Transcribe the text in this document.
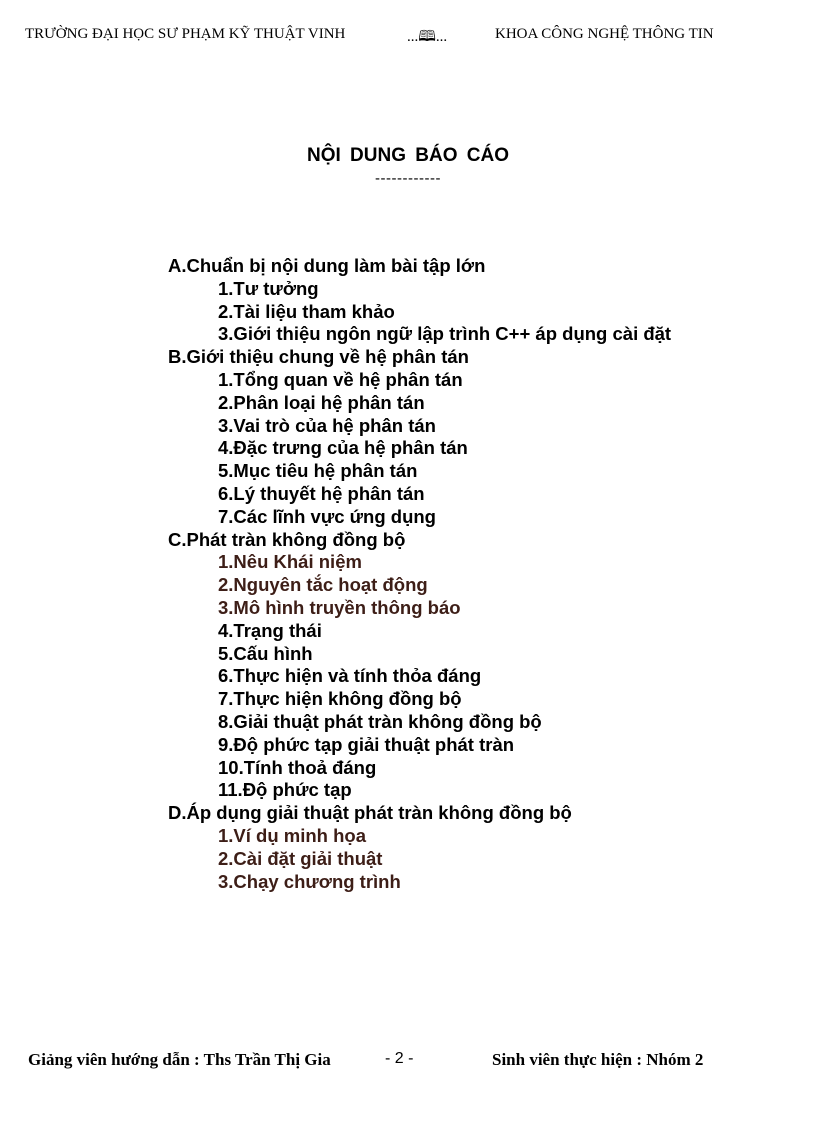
TRƯỜNG ĐẠI HỌC SƯ PHẠM KỸ THUẬT VINH	...🕮...	KHOA CÔNG NGHỆ THÔNG TIN
NỘI DUNG BÁO CÁO
------------
A.Chuẩn bị nội dung làm bài tập lớn
1.Tư tưởng
2.Tài liệu tham khảo
3.Giới thiệu ngôn ngữ lập trình C++ áp dụng cài đặt
B.Giới thiệu chung về hệ phân tán
1.Tổng quan về hệ phân tán
2.Phân loại hệ phân tán
3.Vai trò của hệ phân tán
4.Đặc trưng của hệ phân tán
5.Mục tiêu hệ phân tán
6.Lý thuyết hệ phân tán
7.Các lĩnh vực ứng dụng
C.Phát tràn không đồng bộ
1.Nêu Khái niệm
2.Nguyên tắc hoạt động
3.Mô hình truyền thông báo
4.Trạng thái
5.Cấu hình
6.Thực hiện và tính thỏa đáng
7.Thực hiện không đồng bộ
8.Giải thuật phát tràn không đồng bộ
9.Độ phức tạp giải thuật phát tràn
10.Tính thoả đáng
11.Độ phức tạp
D.Áp dụng giải thuật phát tràn không đồng bộ
1.Ví dụ minh họa
2.Cài đặt giải thuật
3.Chạy chương trình
Giảng viên hướng dẫn : Ths Trần Thị Gia	- 2 -	Sinh viên thực hiện : Nhóm 2
